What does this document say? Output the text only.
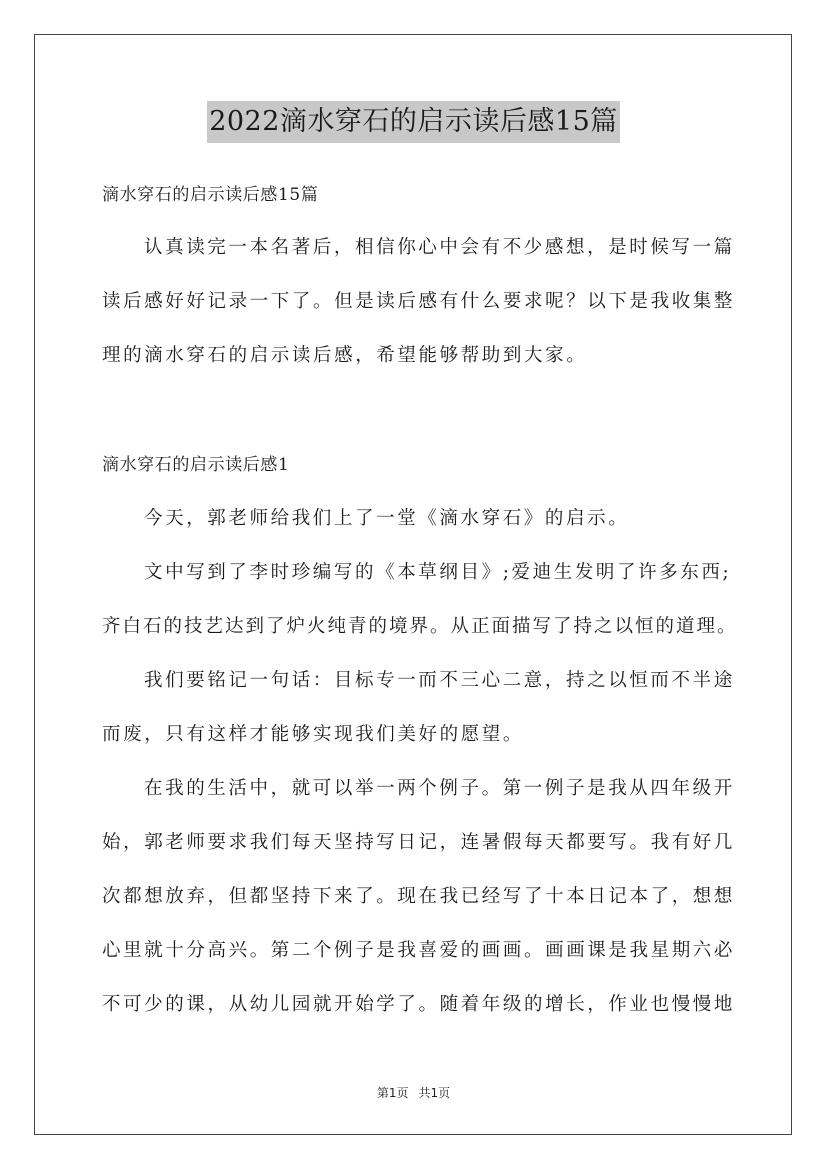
2022滴水穿石的启示读后感15篇

滴水穿石的启示读后感15篇

认真读完一本名著后，相信你心中会有不少感想，是时候写一篇

读后感好好记录一下了。但是读后感有什么要求呢？以下是我收集整

理的滴水穿石的启示读后感，希望能够帮助到大家。

滴水穿石的启示读后感1

今天，郭老师给我们上了一堂《滴水穿石》的启示。

文中写到了李时珍编写的《本草纲目》;爱迪生发明了许多东西;

齐白石的技艺达到了炉火纯青的境界。从正面描写了持之以恒的道理。

我们要铭记一句话：目标专一而不三心二意，持之以恒而不半途

而废，只有这样才能够实现我们美好的愿望。

在我的生活中，就可以举一两个例子。第一例子是我从四年级开

始，郭老师要求我们每天坚持写日记，连暑假每天都要写。我有好几

次都想放弃，但都坚持下来了。现在我已经写了十本日记本了，想想

心里就十分高兴。第二个例子是我喜爱的画画。画画课是我星期六必

不可少的课，从幼儿园就开始学了。随着年级的增长，作业也慢慢地

第1页 共1页
